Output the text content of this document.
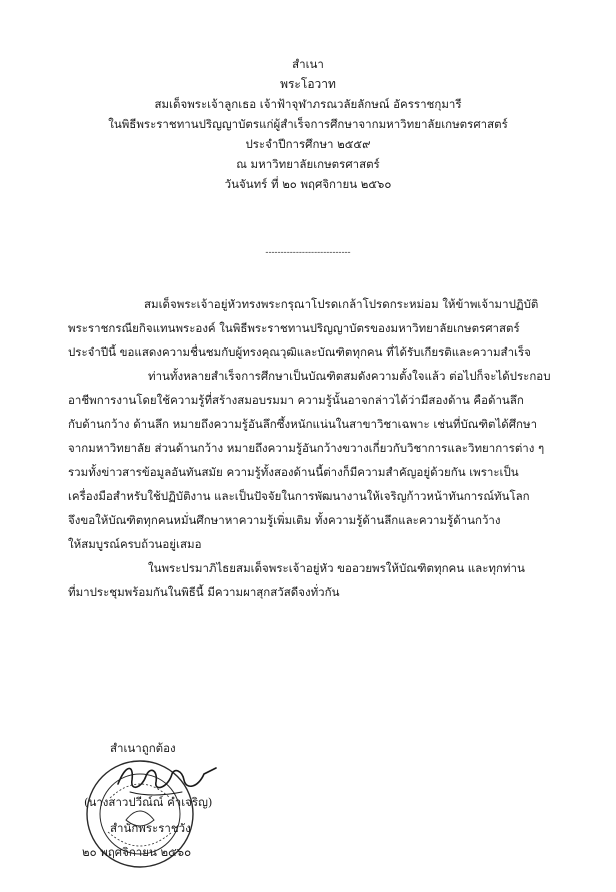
สำเนา
พระโอวาท
สมเด็จพระเจ้าลูกเธอ เจ้าฟ้าจุฬาภรณวลัยลักษณ์ อัครราชกุมารี
ในพิธีพระราชทานปริญญาบัตรแก่ผู้สำเร็จการศึกษาจากมหาวิทยาลัยเกษตรศาสตร์
ประจำปีการศึกษา ๒๕๕๙
ณ มหาวิทยาลัยเกษตรศาสตร์
วันจันทร์ ที่ ๒๐ พฤศจิกายน ๒๕๖๐
----------------------------
สมเด็จพระเจ้าอยู่หัวทรงพระกรุณาโปรดเกล้าโปรดกระหม่อม ให้ข้าพเจ้ามาปฏิบัติ
พระราชกรณียกิจแทนพระองค์ ในพิธีพระราชทานปริญญาบัตรของมหาวิทยาลัยเกษตรศาสตร์
ประจำปีนี้ ขอแสดงความชื่นชมกับผู้ทรงคุณวุฒิและบัณฑิตทุกคน ที่ได้รับเกียรติและความสำเร็จ
ท่านทั้งหลายสำเร็จการศึกษาเป็นบัณฑิตสมดังความตั้งใจแล้ว ต่อไปก็จะได้ประกอบ
อาชีพการงานโดยใช้ความรู้ที่สร้างสมอบรมมา ความรู้นั้นอาจกล่าวได้ว่ามีสองด้าน คือด้านลึก
กับด้านกว้าง ด้านลึก หมายถึงความรู้อันลึกซึ้งหนักแน่นในสาขาวิชาเฉพาะ เช่นที่บัณฑิตได้ศึกษา
จากมหาวิทยาลัย ส่วนด้านกว้าง หมายถึงความรู้อันกว้างขวางเกี่ยวกับวิชาการและวิทยาการต่าง ๆ
รวมทั้งข่าวสารข้อมูลอันทันสมัย ความรู้ทั้งสองด้านนี้ต่างก็มีความสำคัญอยู่ด้วยกัน เพราะเป็น
เครื่องมือสำหรับใช้ปฏิบัติงาน และเป็นปัจจัยในการพัฒนางานให้เจริญก้าวหน้าทันการณ์ทันโลก
จึงขอให้บัณฑิตทุกคนหมั่นศึกษาหาความรู้เพิ่มเติม ทั้งความรู้ด้านลึกและความรู้ด้านกว้าง
ให้สมบูรณ์ครบถ้วนอยู่เสมอ
ในพระปรมาภิไธยสมเด็จพระเจ้าอยู่หัว ขออวยพรให้บัณฑิตทุกคน และทุกท่าน
ที่มาประชุมพร้อมกันในพิธีนี้ มีความผาสุกสวัสดีจงทั่วกัน
สำเนาถูกต้อง
(นางสาวปวีณ์ณ์ คำเจริญ)
สำนักพระราชวัง
๒๐ พฤศจิกายน ๒๕๖๐
